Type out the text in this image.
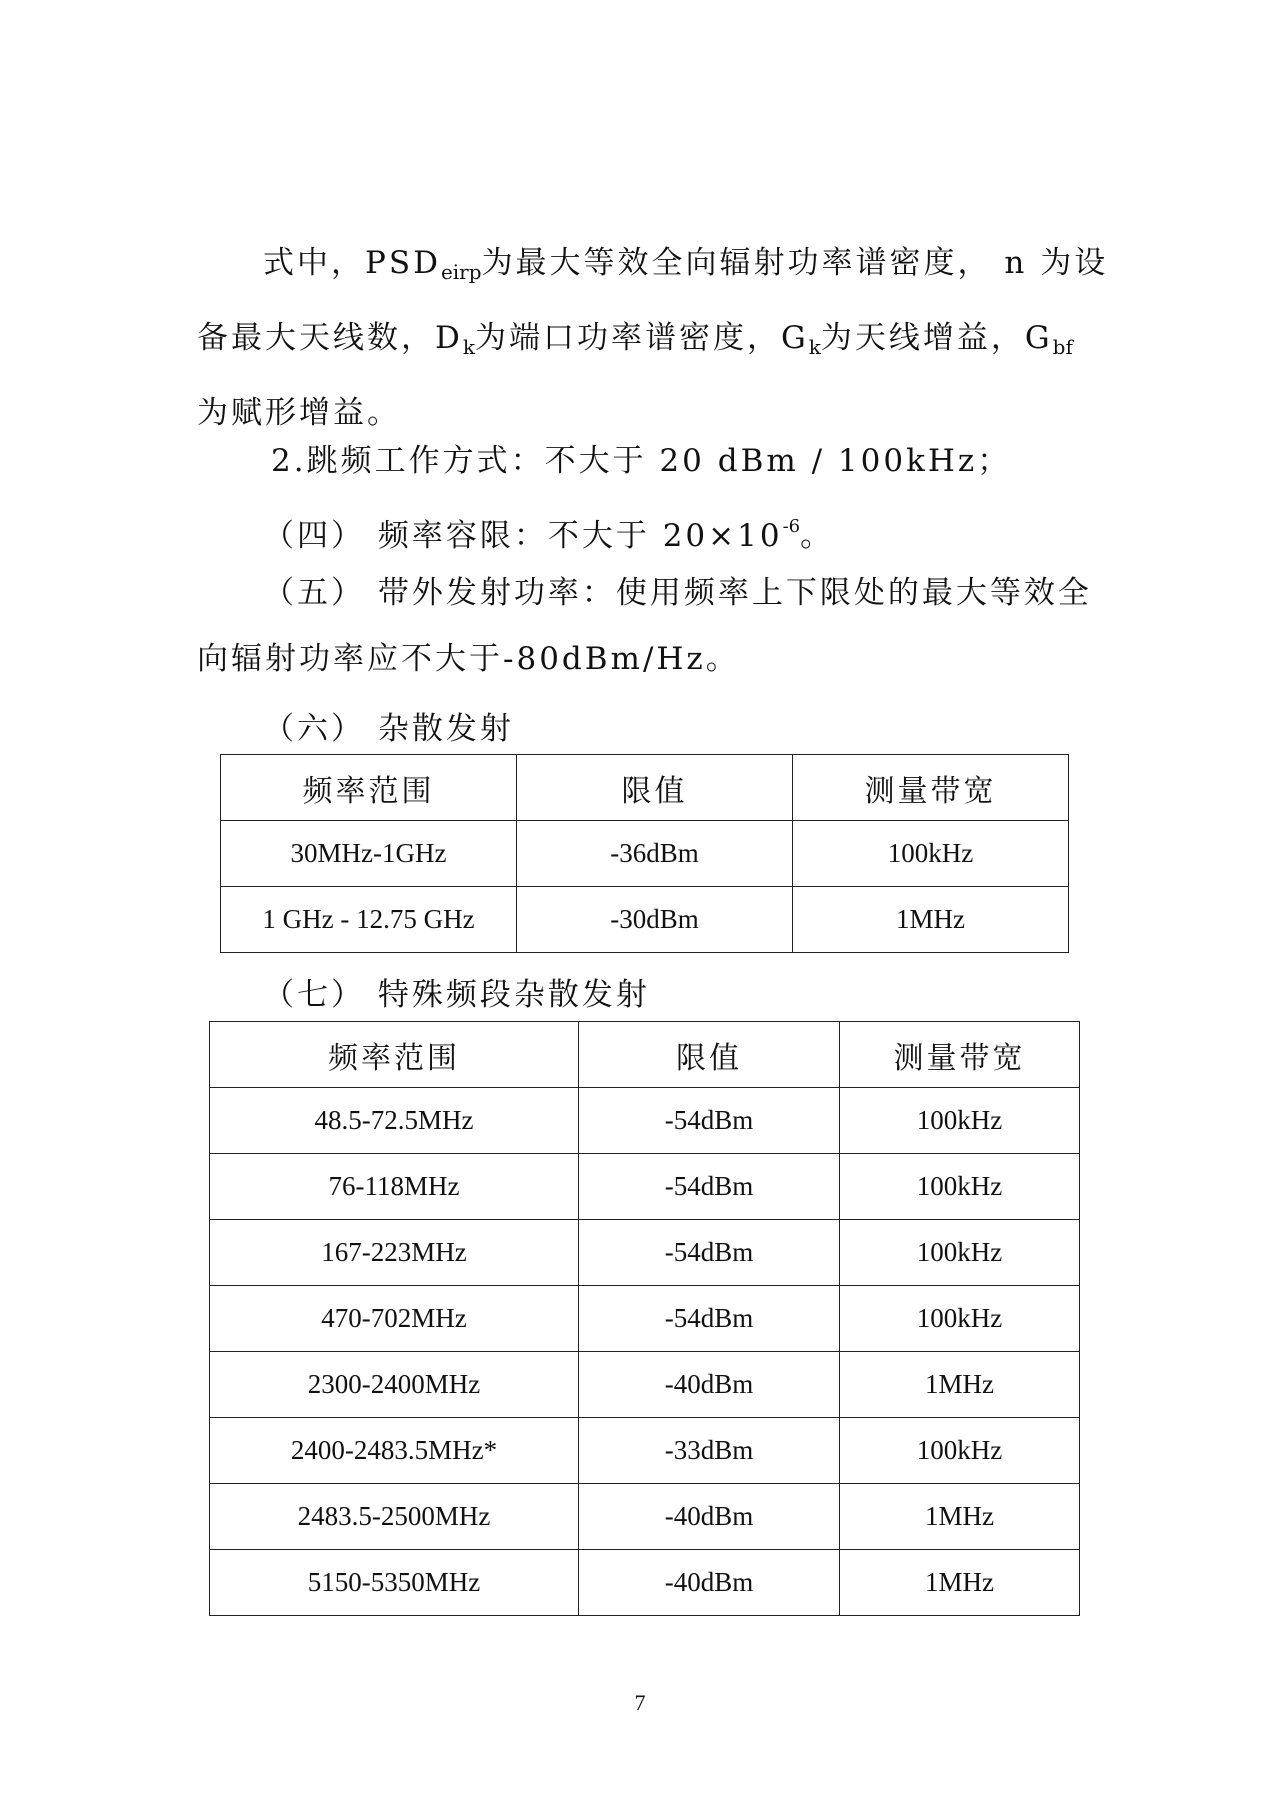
式中，$PSD_{eirp}$为最大等效全向辐射功率谱密度， n 为设
备最大天线数，$D_k$为端口功率谱密度，$G_k$为天线增益，$G_{bf}$
为赋形增益。
2.跳频工作方式：不大于 20 dBm / 100kHz；
（四） 频率容限：不大于 $20\times 10^{-6}$。
（五） 带外发射功率：使用频率上下限处的最大等效全
向辐射功率应不大于-80dBm/Hz。
（六） 杂散发射
频率范围	限值	测量带宽
30MHz-1GHz	-36dBm	100kHz
1 GHz - 12.75 GHz	-30dBm	1MHz
（七） 特殊频段杂散发射
频率范围	限值	测量带宽
48.5-72.5MHz	-54dBm	100kHz
76-118MHz	-54dBm	100kHz
167-223MHz	-54dBm	100kHz
470-702MHz	-54dBm	100kHz
2300-2400MHz	-40dBm	1MHz
2400-2483.5MHz*	-33dBm	100kHz
2483.5-2500MHz	-40dBm	1MHz
5150-5350MHz	-40dBm	1MHz
7
